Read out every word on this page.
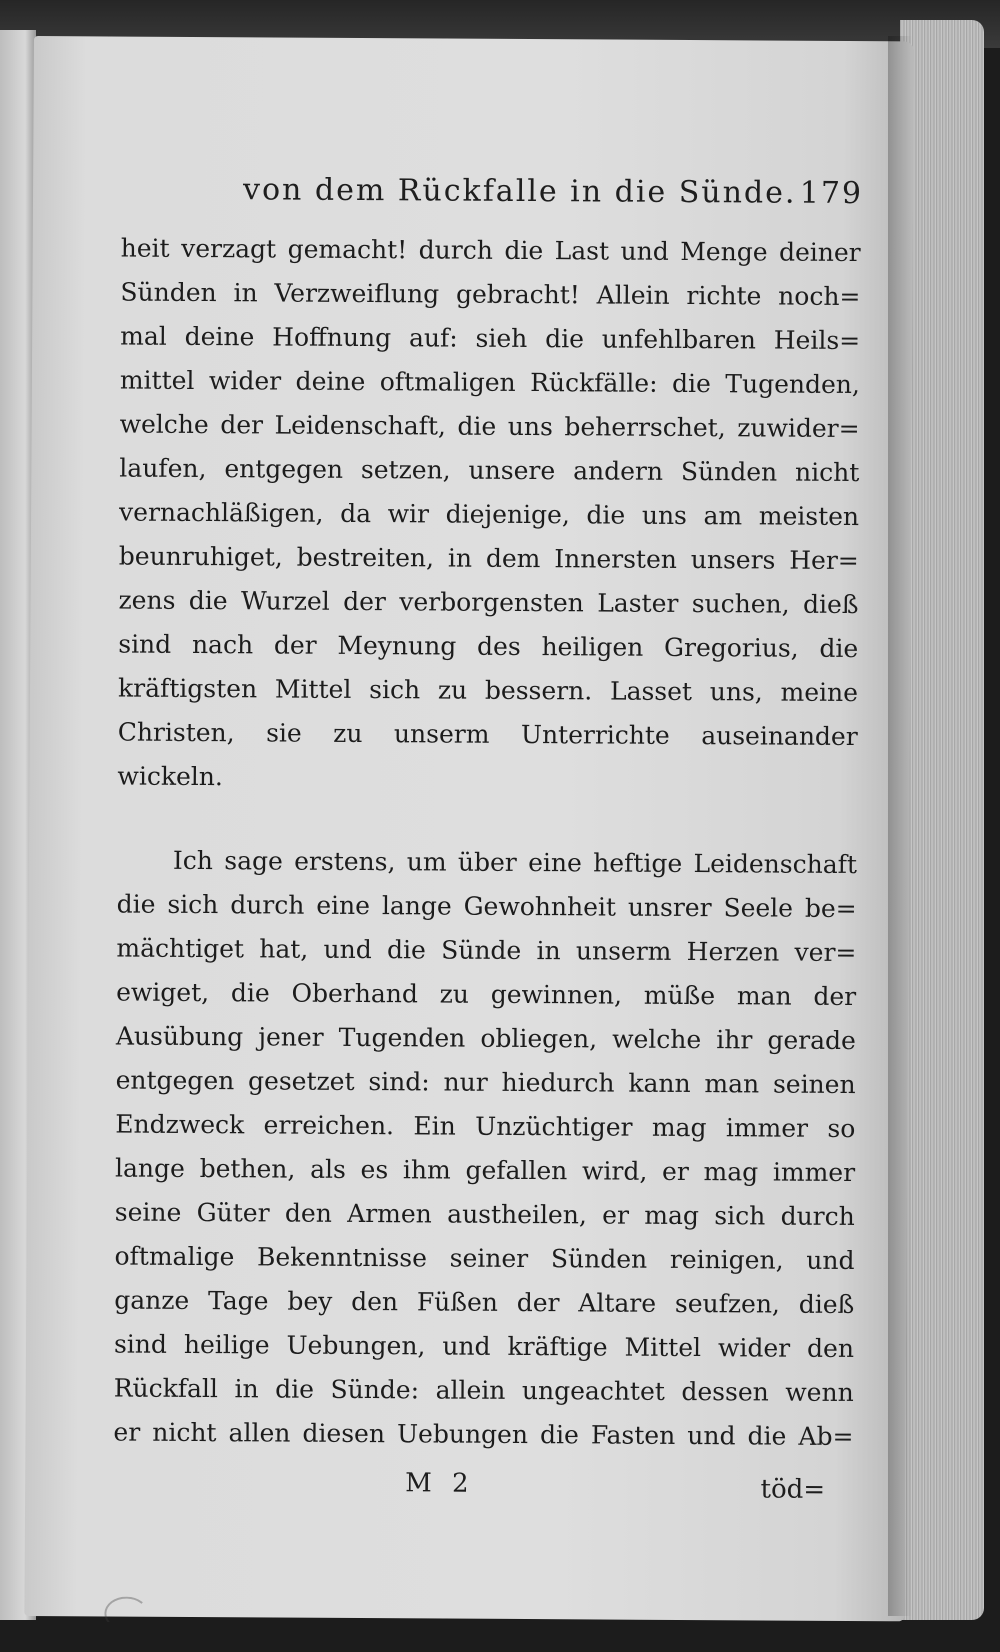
von dem Rückfalle in die Sünde. 179
heit verzagt gemacht! durch die Last und Menge deiner
Sünden in Verzweiflung gebracht! Allein richte noch=
mal deine Hoffnung auf: sieh die unfehlbaren Heils=
mittel wider deine oftmaligen Rückfälle: die Tugenden,
welche der Leidenschaft, die uns beherrschet, zuwider=
laufen, entgegen setzen, unsere andern Sünden nicht
vernachläßigen, da wir diejenige, die uns am meisten
beunruhiget, bestreiten, in dem Innersten unsers Her=
zens die Wurzel der verborgensten Laster suchen, dieß
sind nach der Meynung des heiligen Gregorius, die
kräftigsten Mittel sich zu bessern. Lasset uns, meine
Christen, sie zu unserm Unterrichte auseinander
wickeln.
Ich sage erstens, um über eine heftige Leidenschaft
die sich durch eine lange Gewohnheit unsrer Seele be=
mächtiget hat, und die Sünde in unserm Herzen ver=
ewiget, die Oberhand zu gewinnen, müße man der
Ausübung jener Tugenden obliegen, welche ihr gerade
entgegen gesetzet sind: nur hiedurch kann man seinen
Endzweck erreichen. Ein Unzüchtiger mag immer so
lange bethen, als es ihm gefallen wird, er mag immer
seine Güter den Armen austheilen, er mag sich durch
oftmalige Bekenntnisse seiner Sünden reinigen, und
ganze Tage bey den Füßen der Altare seufzen, dieß
sind heilige Uebungen, und kräftige Mittel wider den
Rückfall in die Sünde: allein ungeachtet dessen wenn
er nicht allen diesen Uebungen die Fasten und die Ab=
M 2	töd=
